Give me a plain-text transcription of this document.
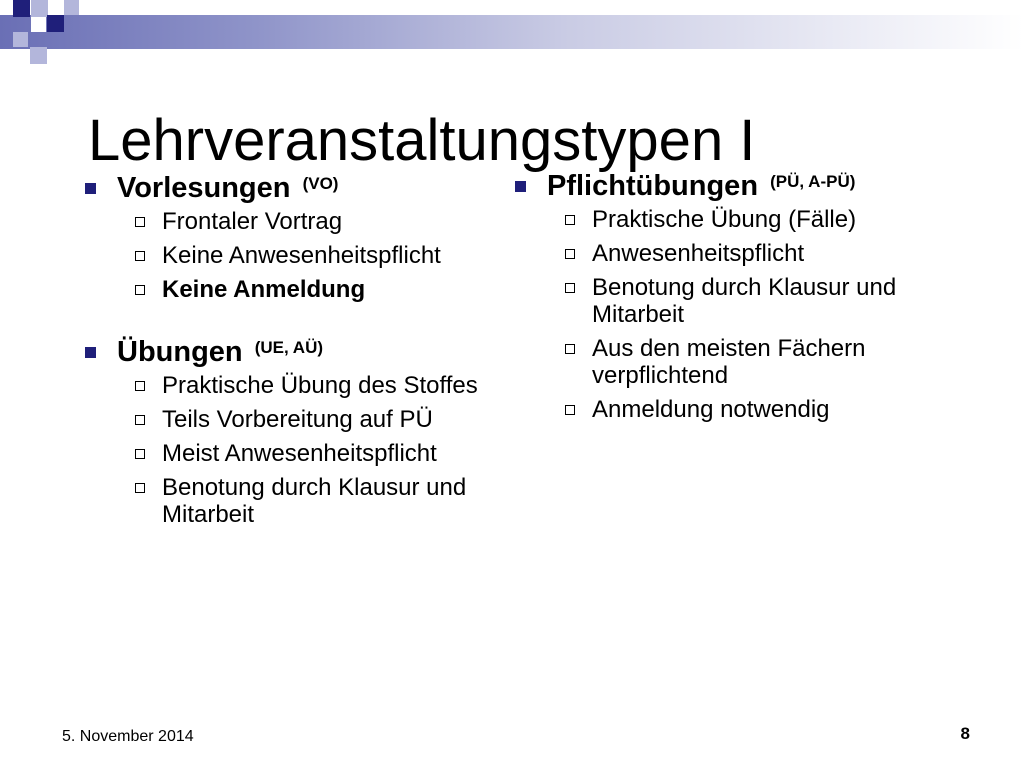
Lehrveranstaltungstypen I
Vorlesungen $^{(VO)}$
Frontaler Vortrag
Keine Anwesenheitspflicht
Keine Anmeldung
Übungen $^{(UE, AÜ)}$
Praktische Übung des Stoffes
Teils Vorbereitung auf PÜ
Meist Anwesenheitspflicht
Benotung durch Klausur und Mitarbeit
Pflichtübungen $^{(PÜ, A-PÜ)}$
Praktische Übung (Fälle)
Anwesenheitspflicht
Benotung durch Klausur und Mitarbeit
Aus den meisten Fächern verpflichtend
Anmeldung notwendig
5. November 2014	8
